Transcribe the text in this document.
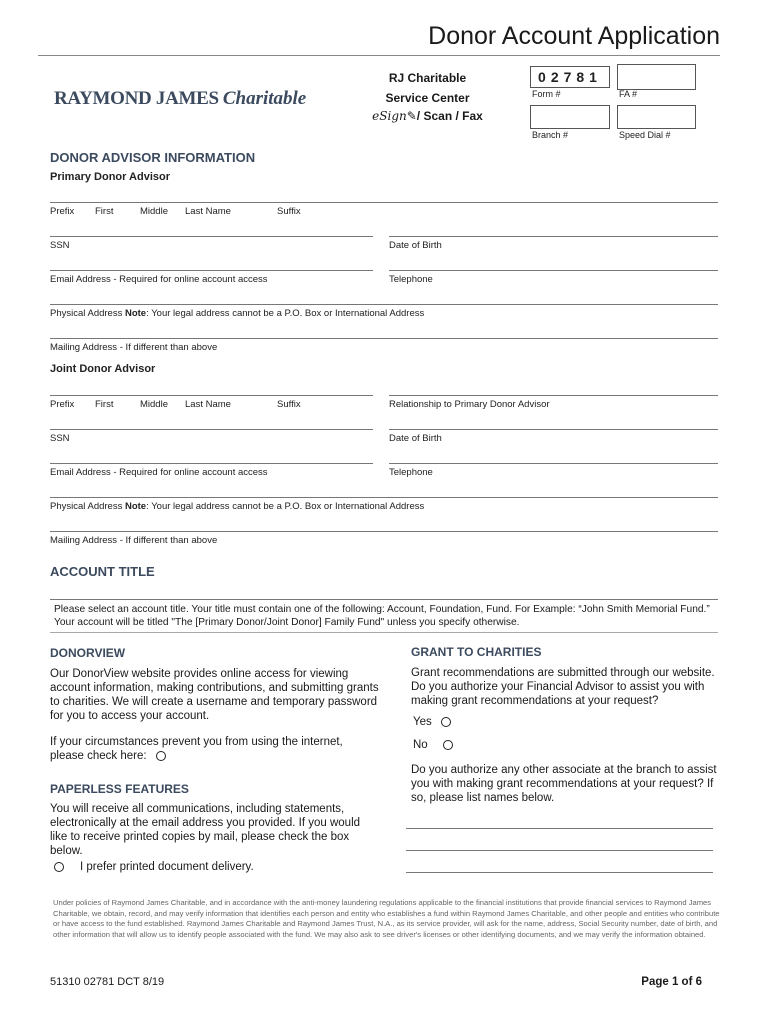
Donor Account Application
RAYMOND JAMES Charitable
RJ Charitable
Service Center
eSign✎/ Scan / Fax
02781
Form #	FA #
Branch #	Speed Dial #
DONOR ADVISOR INFORMATION
Primary Donor Advisor
Prefix First	Middle Last Name	Suffix
SSN	Date of Birth
Email Address - Required for online account access	Telephone
Physical Address Note: Your legal address cannot be a P.O. Box or International Address
Mailing Address - If different than above
Joint Donor Advisor
Prefix First	Middle Last Name	Suffix	Relationship to Primary Donor Advisor
SSN	Date of Birth
Email Address - Required for online account access	Telephone
Physical Address Note: Your legal address cannot be a P.O. Box or International Address
Mailing Address - If different than above
ACCOUNT TITLE
Please select an account title. Your title must contain one of the following: Account, Foundation, Fund. For Example: “John Smith Memorial Fund.” Your account will be titled "The [Primary Donor/Joint Donor] Family Fund" unless you specify otherwise.
DONORVIEW
Our DonorView website provides online access for viewing account information, making contributions, and submitting grants to charities. We will create a username and temporary password for you to access your account.
If your circumstances prevent you from using the internet, please check here:
PAPERLESS FEATURES
You will receive all communications, including statements, electronically at the email address you provided. If you would like to receive printed copies by mail, please check the box below.
I prefer printed document delivery.
GRANT TO CHARITIES
Grant recommendations are submitted through our website. Do you authorize your Financial Advisor to assist you with making grant recommendations at your request?
Yes
No
Do you authorize any other associate at the branch to assist you with making grant recommendations at your request? If so, please list names below.
Under policies of Raymond James Charitable, and in accordance with the anti-money laundering regulations applicable to the financial institutions that provide financial services to Raymond James Charitable, we obtain, record, and may verify information that identifies each person and entity who establishes a fund within Raymond James Charitable, and other people and entities who contribute or have access to the fund established. Raymond James Charitable and Raymond James Trust, N.A., as its service provider, will ask for the name, address, Social Security number, date of birth, and other information that will allow us to identify people associated with the fund. We may also ask to see driver's licenses or other identifying documents, and we may verify the information obtained.
51310 02781 DCT 8/19	Page 1 of 6
